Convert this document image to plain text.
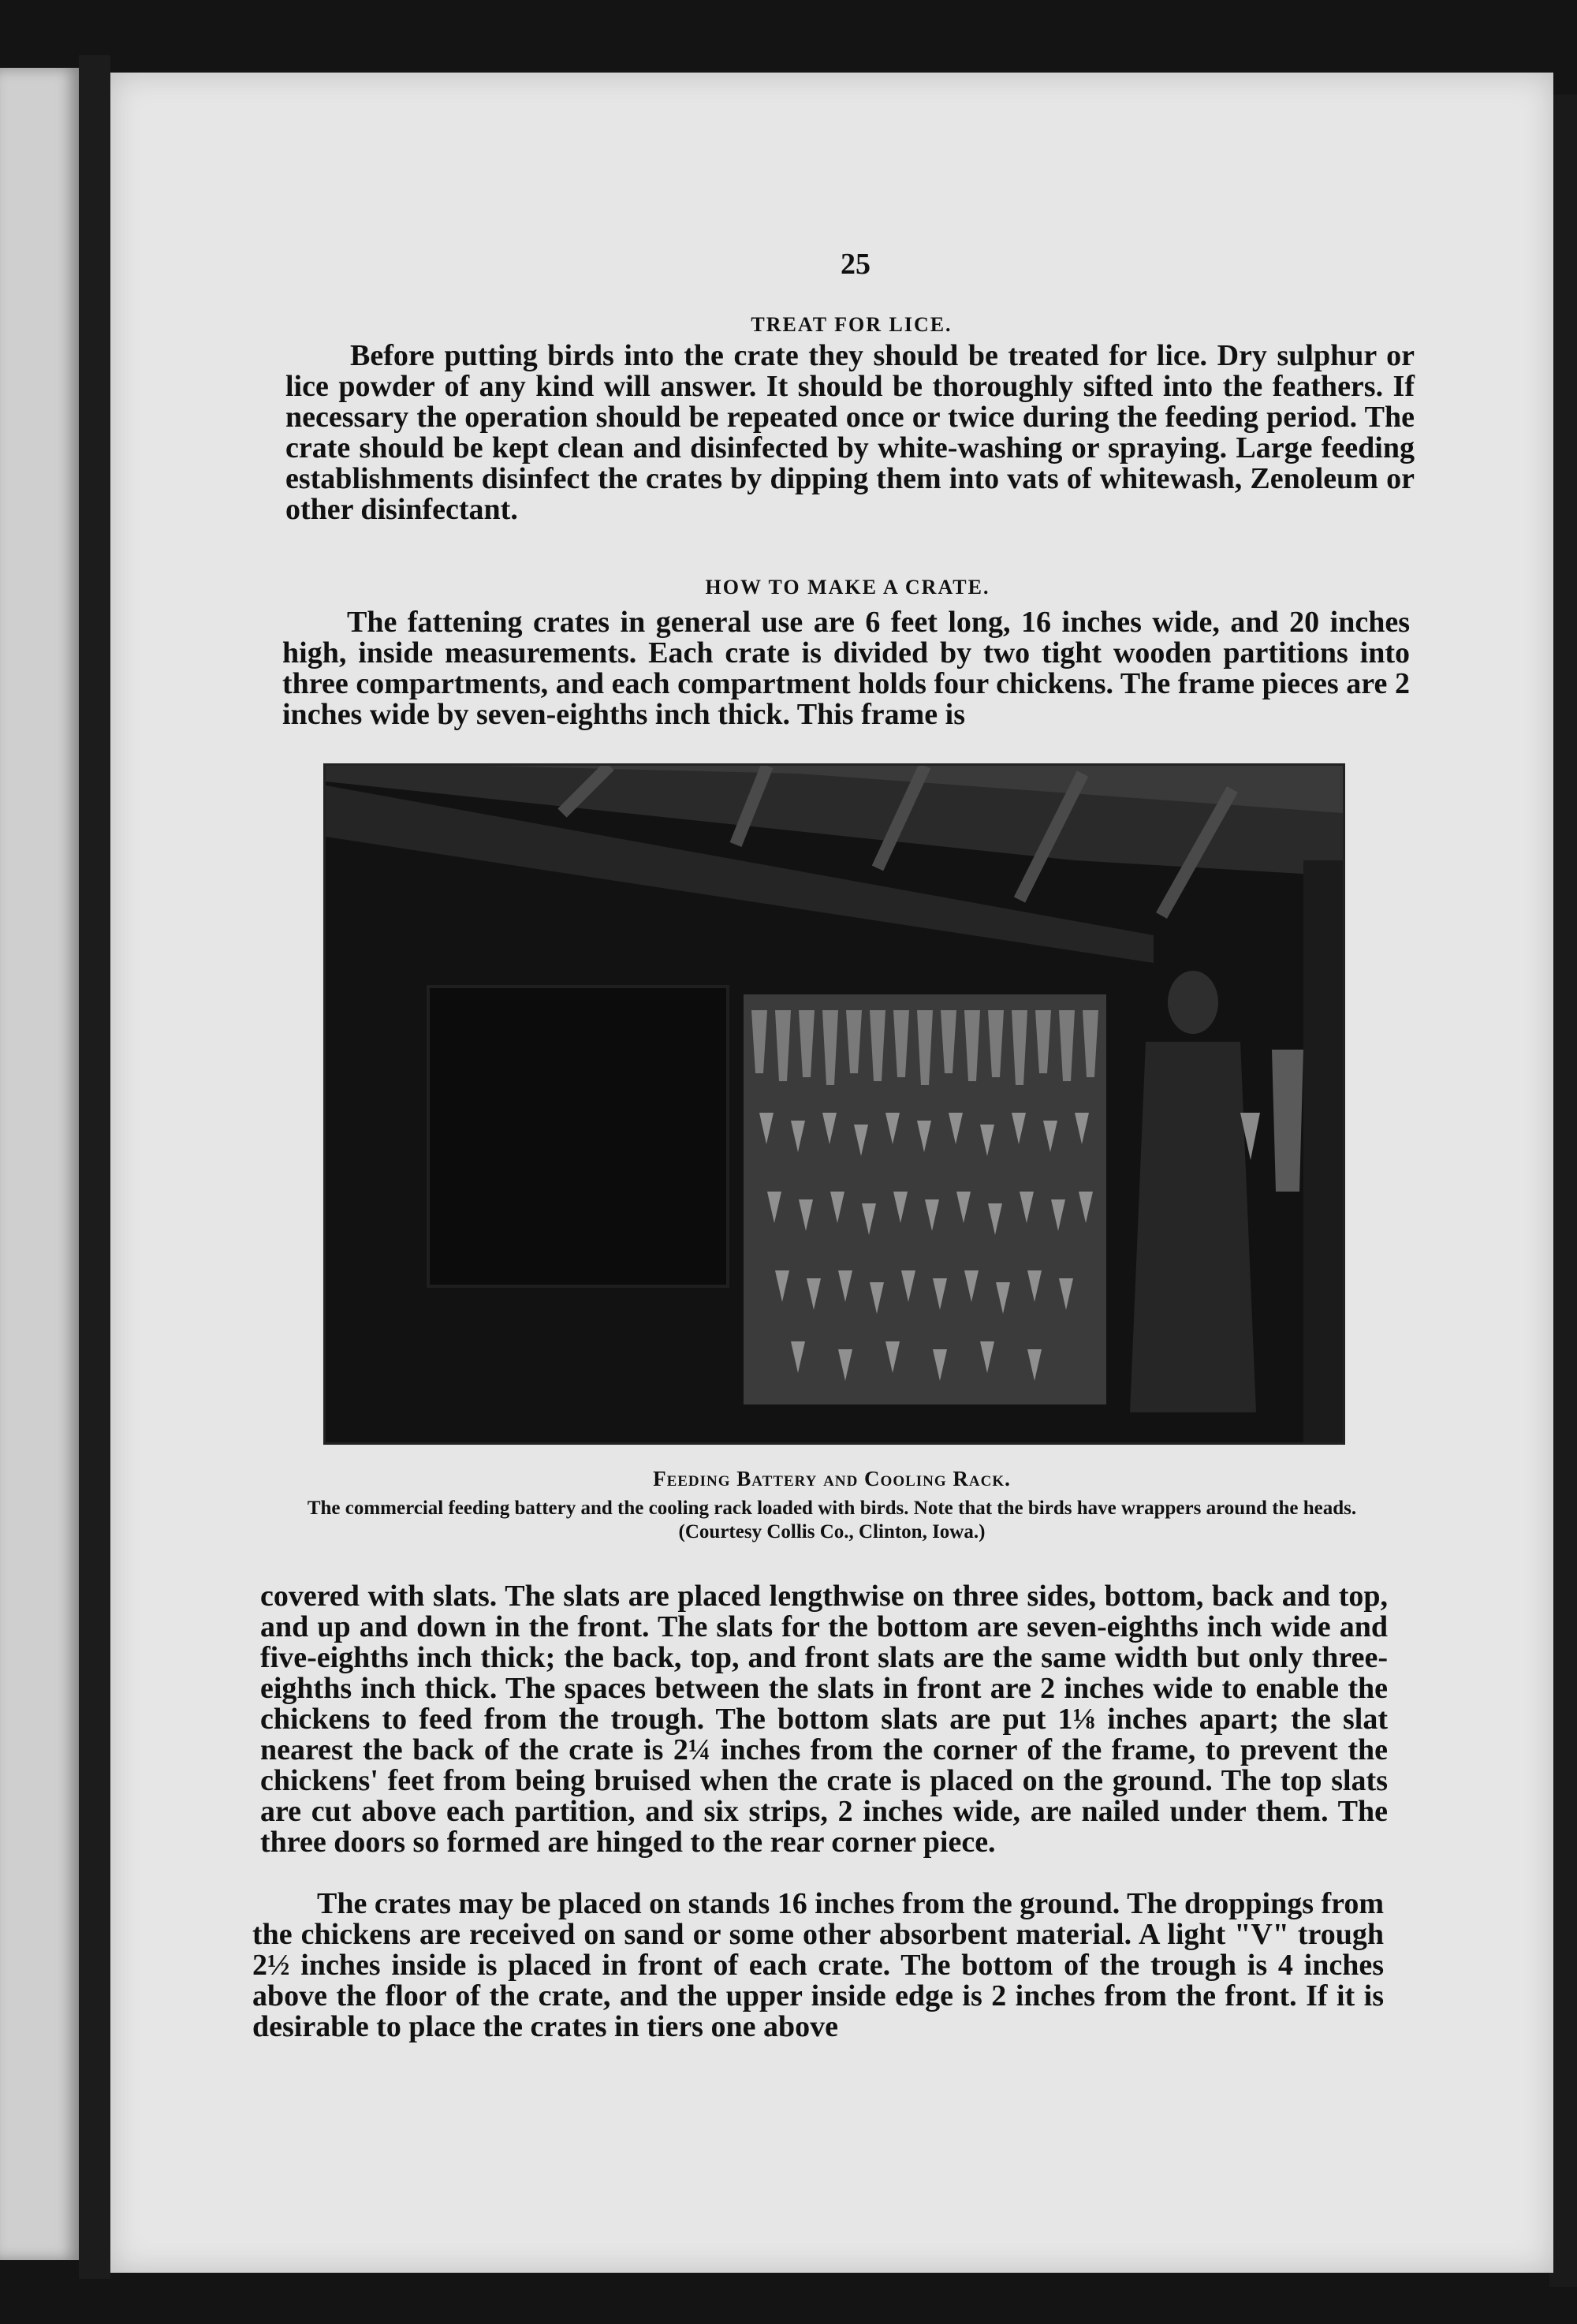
25
TREAT FOR LICE.

Before putting birds into the crate they should be treated for lice. Dry sulphur or lice powder of any kind will answer. It should be thoroughly sifted into the feathers. If necessary the operation should be repeated once or twice during the feeding period. The crate should be kept clean and disinfected by white-washing or spraying. Large feeding establishments disinfect the crates by dipping them into vats of whitewash, Zenoleum or other disinfectant.

HOW TO MAKE A CRATE.

The fattening crates in general use are 6 feet long, 16 inches wide, and 20 inches high, inside measurements. Each crate is divided by two tight wooden partitions into three compartments, and each compartment holds four chickens. The frame pieces are 2 inches wide by seven-eighths inch thick. This frame is

Feeding Battery and Cooling Rack.
The commercial feeding battery and the cooling rack loaded with birds. Note that the birds have wrappers around the heads. (Courtesy Collis Co., Clinton, Iowa.)

covered with slats. The slats are placed lengthwise on three sides, bottom, back and top, and up and down in the front. The slats for the bottom are seven-eighths inch wide and five-eighths inch thick; the back, top, and front slats are the same width but only three-eighths inch thick. The spaces between the slats in front are 2 inches wide to enable the chickens to feed from the trough. The bottom slats are put 1⅛ inches apart; the slat nearest the back of the crate is 2¼ inches from the corner of the frame, to prevent the chickens' feet from being bruised when the crate is placed on the ground. The top slats are cut above each partition, and six strips, 2 inches wide, are nailed under them. The three doors so formed are hinged to the rear corner piece.

The crates may be placed on stands 16 inches from the ground. The droppings from the chickens are received on sand or some other absorbent material. A light "V" trough 2½ inches inside is placed in front of each crate. The bottom of the trough is 4 inches above the floor of the crate, and the upper inside edge is 2 inches from the front. If it is desirable to place the crates in tiers one above
